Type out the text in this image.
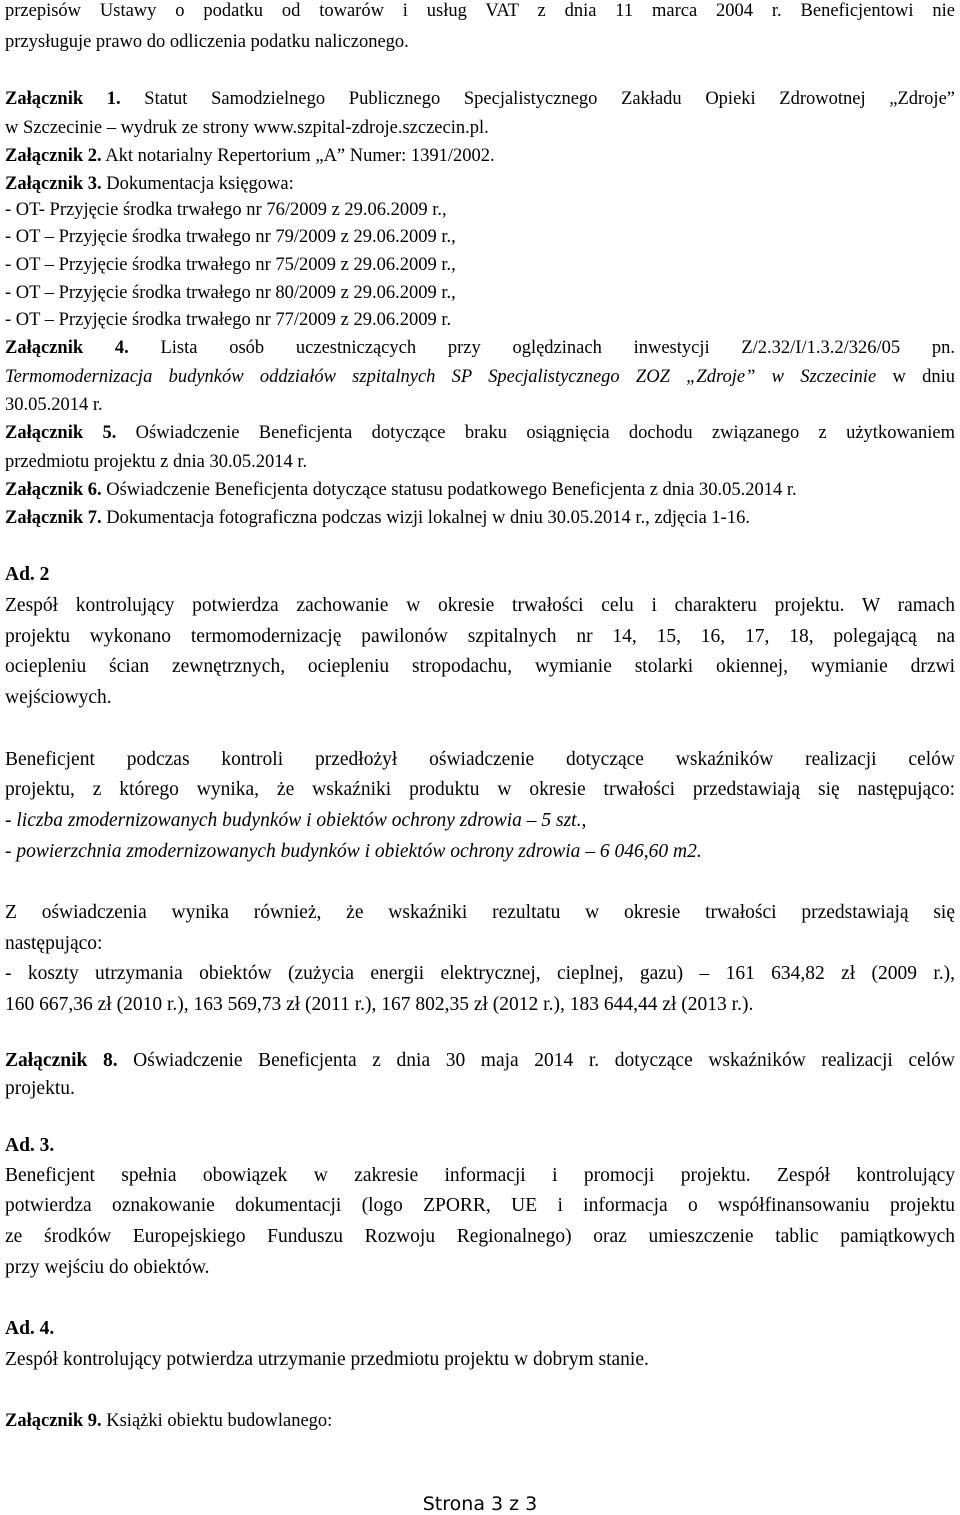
przepisów Ustawy o podatku od towarów i usług VAT z dnia 11 marca 2004 r. Beneficjentowi nie
przysługuje prawo do odliczenia podatku naliczonego.
Załącznik 1. Statut Samodzielnego Publicznego Specjalistycznego Zakładu Opieki Zdrowotnej „Zdroje”
w Szczecinie – wydruk ze strony www.szpital-zdroje.szczecin.pl.
Załącznik 2. Akt notarialny Repertorium „A” Numer: 1391/2002.
Załącznik 3. Dokumentacja księgowa:
- OT- Przyjęcie środka trwałego nr 76/2009 z 29.06.2009 r.,
- OT – Przyjęcie środka trwałego nr 79/2009 z 29.06.2009 r.,
- OT – Przyjęcie środka trwałego nr 75/2009 z 29.06.2009 r.,
- OT – Przyjęcie środka trwałego nr 80/2009 z 29.06.2009 r.,
- OT – Przyjęcie środka trwałego nr 77/2009 z 29.06.2009 r.
Załącznik 4. Lista osób uczestniczących przy oględzinach inwestycji Z/2.32/I/1.3.2/326/05 pn.
Termomodernizacja budynków oddziałów szpitalnych SP Specjalistycznego ZOZ „Zdroje” w Szczecinie w dniu
30.05.2014 r.
Załącznik 5. Oświadczenie Beneficjenta dotyczące braku osiągnięcia dochodu związanego z użytkowaniem
przedmiotu projektu z dnia 30.05.2014 r.
Załącznik 6. Oświadczenie Beneficjenta dotyczące statusu podatkowego Beneficjenta z dnia 30.05.2014 r.
Załącznik 7. Dokumentacja fotograficzna podczas wizji lokalnej w dniu 30.05.2014 r., zdjęcia 1-16.
Ad. 2
Zespół kontrolujący potwierdza zachowanie w okresie trwałości celu i charakteru projektu. W ramach
projektu wykonano termomodernizację pawilonów szpitalnych nr 14, 15, 16, 17, 18, polegającą na
ociepleniu ścian zewnętrznych, ociepleniu stropodachu, wymianie stolarki okiennej, wymianie drzwi
wejściowych.
Beneficjent podczas kontroli przedłożył oświadczenie dotyczące wskaźników realizacji celów
projektu, z którego wynika, że wskaźniki produktu w okresie trwałości przedstawiają się następująco:
- liczba zmodernizowanych budynków i obiektów ochrony zdrowia – 5 szt.,
- powierzchnia zmodernizowanych budynków i obiektów ochrony zdrowia – 6 046,60 m2.
Z oświadczenia wynika również, że wskaźniki rezultatu w okresie trwałości przedstawiają się
następująco:
- koszty utrzymania obiektów (zużycia energii elektrycznej, cieplnej, gazu) – 161 634,82 zł (2009 r.),
160 667,36 zł (2010 r.), 163 569,73 zł (2011 r.), 167 802,35 zł (2012 r.), 183 644,44 zł (2013 r.).
Załącznik 8. Oświadczenie Beneficjenta z dnia 30 maja 2014 r. dotyczące wskaźników realizacji celów
projektu.
Ad. 3.
Beneficjent spełnia obowiązek w zakresie informacji i promocji projektu. Zespół kontrolujący
potwierdza oznakowanie dokumentacji (logo ZPORR, UE i informacja o współfinansowaniu projektu
ze środków Europejskiego Funduszu Rozwoju Regionalnego) oraz umieszczenie tablic pamiątkowych
przy wejściu do obiektów.
Ad. 4.
Zespół kontrolujący potwierdza utrzymanie przedmiotu projektu w dobrym stanie.
Załącznik 9. Książki obiektu budowlanego:
Strona 3 z 3
